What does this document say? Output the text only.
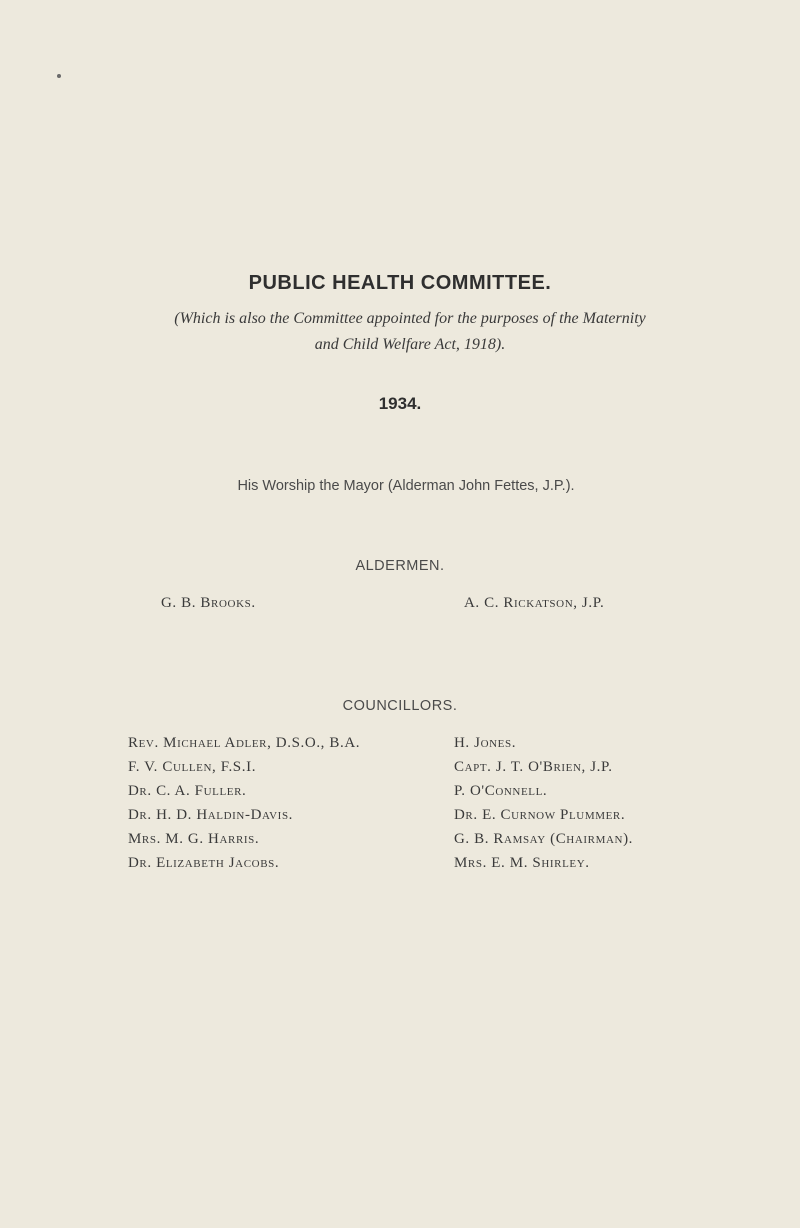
PUBLIC HEALTH COMMITTEE.
(Which is also the Committee appointed for the purposes of the Maternity
and Child Welfare Act, 1918).
1934.
His Worship the Mayor (Alderman John Fettes, J.P.).
ALDERMEN.
G. B. Brooks.	A. C. Rickatson, J.P.
COUNCILLORS.
Rev. Michael Adler, D.S.O., B.A.
F. V. Cullen, F.S.I.
Dr. C. A. Fuller.
Dr. H. D. Haldin-Davis.
Mrs. M. G. Harris.
Dr. Elizabeth Jacobs.
H. Jones.
Capt. J. T. O'Brien, J.P.
P. O'Connell.
Dr. E. Curnow Plummer.
G. B. Ramsay (Chairman).
Mrs. E. M. Shirley.
